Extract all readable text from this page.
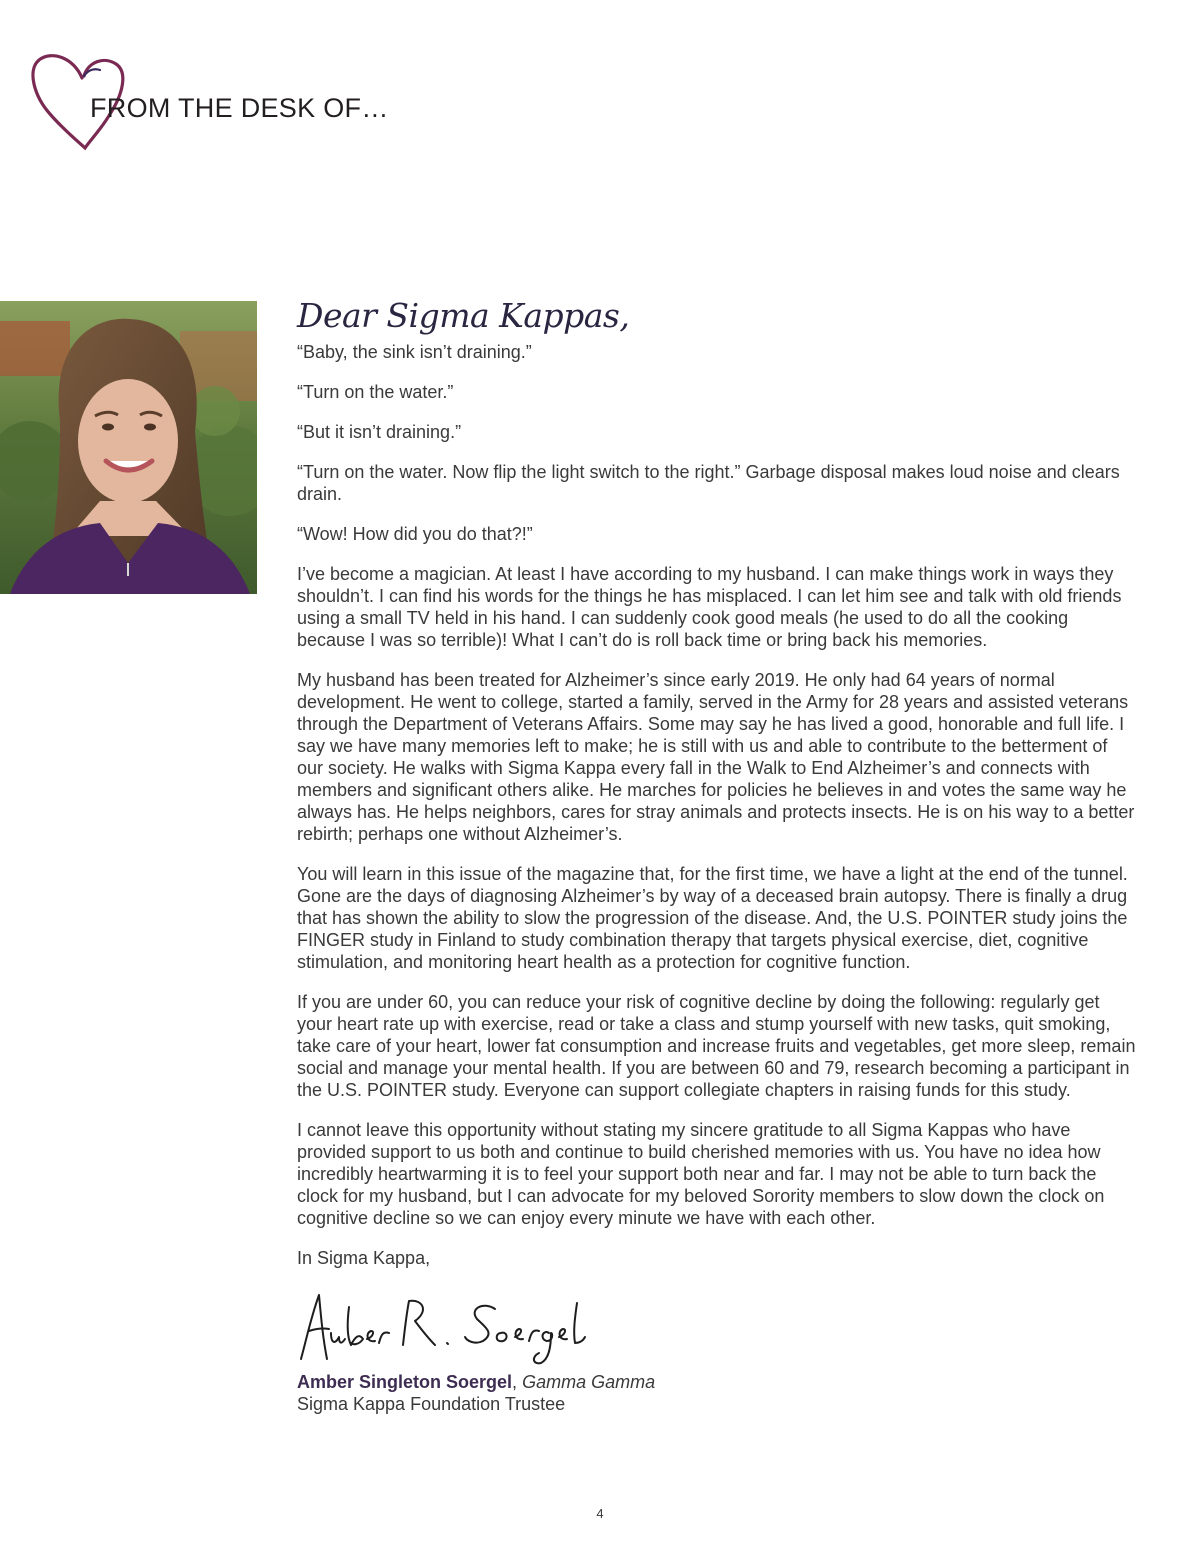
FROM THE DESK OF…
Dear Sigma Kappas,

“Baby, the sink isn’t draining.”

“Turn on the water.”

“But it isn’t draining.”

“Turn on the water. Now flip the light switch to the right.” Garbage disposal makes loud noise and clears drain.

“Wow! How did you do that?!”

I’ve become a magician. At least I have according to my husband. I can make things work in ways they shouldn’t. I can find his words for the things he has misplaced. I can let him see and talk with old friends using a small TV held in his hand. I can suddenly cook good meals (he used to do all the cooking because I was so terrible)! What I can’t do is roll back time or bring back his memories.

My husband has been treated for Alzheimer’s since early 2019. He only had 64 years of normal development. He went to college, started a family, served in the Army for 28 years and assisted veterans through the Department of Veterans Affairs. Some may say he has lived a good, honorable and full life. I say we have many memories left to make; he is still with us and able to contribute to the betterment of our society. He walks with Sigma Kappa every fall in the Walk to End Alzheimer’s and connects with members and significant others alike. He marches for policies he believes in and votes the same way he always has. He helps neighbors, cares for stray animals and protects insects. He is on his way to a better rebirth; perhaps one without Alzheimer’s.

You will learn in this issue of the magazine that, for the first time, we have a light at the end of the tunnel. Gone are the days of diagnosing Alzheimer’s by way of a deceased brain autopsy. There is finally a drug that has shown the ability to slow the progression of the disease. And, the U.S. POINTER study joins the FINGER study in Finland to study combination therapy that targets physical exercise, diet, cognitive stimulation, and monitoring heart health as a protection for cognitive function.

If you are under 60, you can reduce your risk of cognitive decline by doing the following: regularly get your heart rate up with exercise, read or take a class and stump yourself with new tasks, quit smoking, take care of your heart, lower fat consumption and increase fruits and vegetables, get more sleep, remain social and manage your mental health. If you are between 60 and 79, research becoming a participant in the U.S. POINTER study. Everyone can support collegiate chapters in raising funds for this study.

I cannot leave this opportunity without stating my sincere gratitude to all Sigma Kappas who have provided support to us both and continue to build cherished memories with us. You have no idea how incredibly heartwarming it is to feel your support both near and far. I may not be able to turn back the clock for my husband, but I can advocate for my beloved Sorority members to slow down the clock on cognitive decline so we can enjoy every minute we have with each other.

In Sigma Kappa,

Amber Singleton Soergel, Gamma Gamma
Sigma Kappa Foundation Trustee
4
